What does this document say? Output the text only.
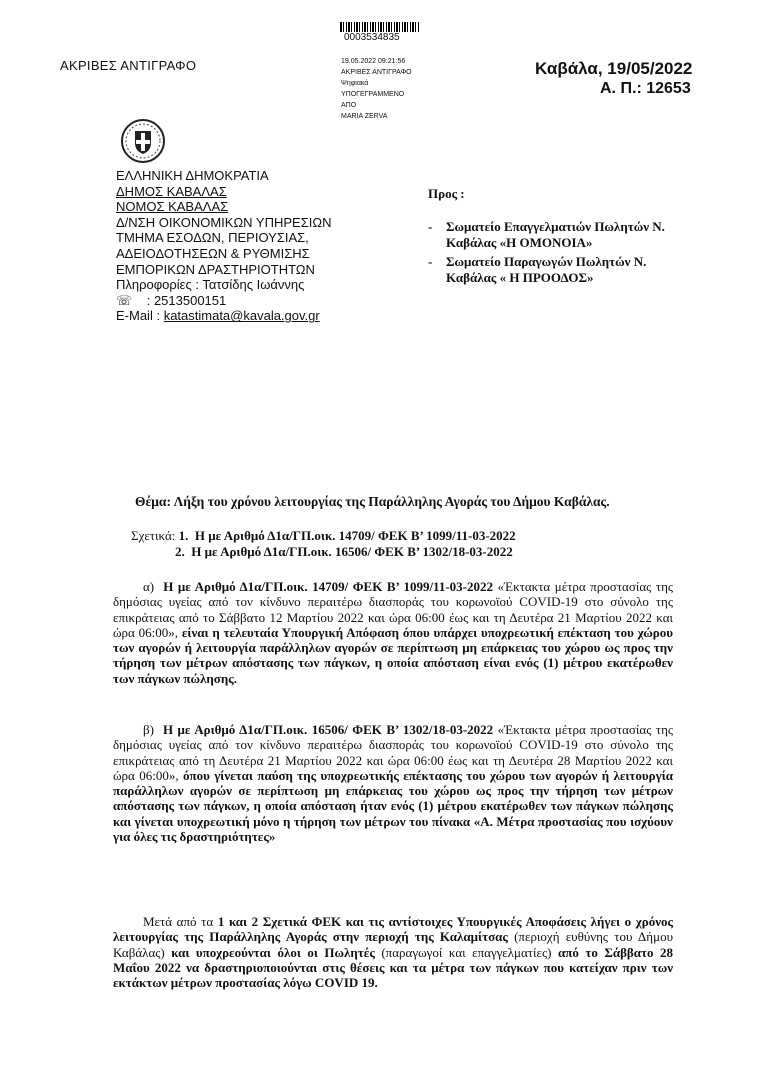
0003534835
ΑΚΡΙΒΕΣ ΑΝΤΙΓΡΑΦΟ	19.05.2022 09:21:56
ΑΚΡΙΒΕΣ ΑΝΤΙΓΡΑΦΟ
Ψηφιακά
ΥΠΟΓΕΓΡΑΜΜΕΝΟ
ΑΠΟ
MARIA ZERVA
Καβάλα, 19/05/2022
Α. Π.: 12653
ΕΛΛΗΝΙΚΗ ΔΗΜΟΚΡΑΤΙΑ
ΔΗΜΟΣ ΚΑΒΑΛΑΣ
ΝΟΜΟΣ ΚΑΒΑΛΑΣ
Δ/ΝΣΗ ΟΙΚΟΝΟΜΙΚΩΝ ΥΠΗΡΕΣΙΩΝ
ΤΜΗΜΑ ΕΣΟΔΩΝ, ΠΕΡΙΟΥΣΙΑΣ,
ΑΔΕΙΟΔΟΤΗΣΕΩΝ & ΡΥΘΜΙΣΗΣ
ΕΜΠΟΡΙΚΩΝ ΔΡΑΣΤΗΡΙΟΤΗΤΩΝ
Πληροφορίες : Τατσίδης Ιωάννης
☏ : 2513500151
E-Mail : katastimata@kavala.gov.gr
Προς :
- Σωματείο Επαγγελματιών Πωλητών Ν. Καβάλας «Η ΟΜΟΝΟΙΑ»
- Σωματείο Παραγωγών Πωλητών Ν. Καβάλας « Η ΠΡΟΟΔΟΣ»
Θέμα: Λήξη του χρόνου λειτουργίας της Παράλληλης Αγοράς του Δήμου Καβάλας.
Σχετικά: 1. Η με Αριθμό Δ1α/ΓΠ.οικ. 14709/ ΦΕΚ Β’ 1099/11-03-2022
2. Η με Αριθμό Δ1α/ΓΠ.οικ. 16506/ ΦΕΚ Β’ 1302/18-03-2022
α) Η με Αριθμό Δ1α/ΓΠ.οικ. 14709/ ΦΕΚ Β’ 1099/11-03-2022 «Έκτακτα μέτρα προστασίας της δημόσιας υγείας από τον κίνδυνο περαιτέρω διασποράς του κορωνοϊού COVID-19 στο σύνολο της επικράτειας από το Σάββατο 12 Μαρτίου 2022 και ώρα 06:00 έως και τη Δευτέρα 21 Μαρτίου 2022 και ώρα 06:00», είναι η τελευταία Υπουργική Απόφαση όπου υπάρχει υποχρεωτική επέκταση του χώρου των αγορών ή λειτουργία παράλληλων αγορών σε περίπτωση μη επάρκειας του χώρου ως προς την τήρηση των μέτρων απόστασης των πάγκων, η οποία απόσταση είναι ενός (1) μέτρου εκατέρωθεν των πάγκων πώλησης.
β) Η με Αριθμό Δ1α/ΓΠ.οικ. 16506/ ΦΕΚ Β’ 1302/18-03-2022 «Έκτακτα μέτρα προστασίας της δημόσιας υγείας από τον κίνδυνο περαιτέρω διασποράς του κορωνοϊού COVID-19 στο σύνολο της επικράτειας από τη Δευτέρα 21 Μαρτίου 2022 και ώρα 06:00 έως και τη Δευτέρα 28 Μαρτίου 2022 και ώρα 06:00», όπου γίνεται παύση της υποχρεωτικής επέκτασης του χώρου των αγορών ή λειτουργία παράλληλων αγορών σε περίπτωση μη επάρκειας του χώρου ως προς την τήρηση των μέτρων απόστασης των πάγκων, η οποία απόσταση ήταν ενός (1) μέτρου εκατέρωθεν των πάγκων πώλησης και γίνεται υποχρεωτική μόνο η τήρηση των μέτρων του πίνακα «Α. Μέτρα προστασίας που ισχύουν για όλες τις δραστηριότητες»
Μετά από τα 1 και 2 Σχετικά ΦΕΚ και τις αντίστοιχες Υπουργικές Αποφάσεις λήγει ο χρόνος λειτουργίας της Παράλληλης Αγοράς στην περιοχή της Καλαμίτσας (περιοχή ευθύνης του Δήμου Καβάλας) και υποχρεούνται όλοι οι Πωλητές (παραγωγοί και επαγγελματίες) από το Σάββατο 28 Μαΐου 2022 να δραστηριοποιούνται στις θέσεις και τα μέτρα των πάγκων που κατείχαν πριν των εκτάκτων μέτρων προστασίας λόγω COVID 19.
